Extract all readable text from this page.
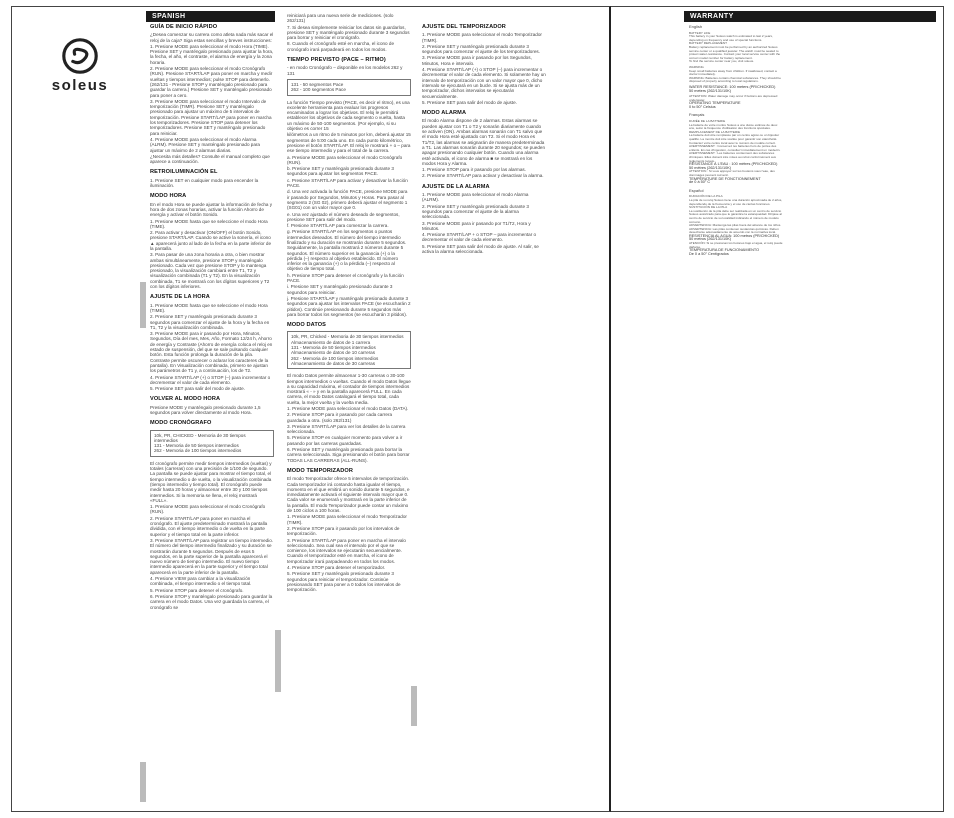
soleus
SPANISH	WARRANTY
GUÍA DE INICIO RÁPIDO

¿Desea comenzar su carrera como atleta nada más sacar el reloj de la caja? Siga estas sencillas y breves instrucciones:

1. Presione MODE para seleccionar el modo Hora (TIME). Presione SET y manténgalo presionado para ajustar la hora, la fecha, el año, el contraste, el alarma de energía y la zona horaria.

2. Presione MODE para seleccionar el modo Cronógrafo (RUN). Presione START/LAP para poner en marcha y medir vueltas y tiempos intermedios; pulse STOP para detenerlo. (262/131 - Presione STOP y manténgalo presionado para guardar la carrera.) Presione SET y manténgalo presionado para poner a cero.

3. Presione MODE para seleccionar el modo Intervalo de temporización (TIMR). Presione SET y manténgalo presionado para ajustar un máximo de 5 intervalos de temporización. Presione START/LAP para poner en marcha los temporizadores. Presione STOP para detener los temporizadores. Presione SET y manténgalo presionado para reiniciar.

4. Presione MODE para seleccionar el modo Alarma (ALRM). Presione SET y manténgalo presionado para ajustar un máximo de 2 alarmas diarias.

¿Necesita más detalles? Consulte el manual completo que aparece a continuación.

RETROILUMINACIÓN EL

1. Presione SET en cualquier modo para encender la iluminación.

MODO HORA

En el modo Hora se puede ajustar la información de fecha y hora de dos zonas horarias, activar la función Ahorro de energía y activar el botón Sonido.

1. Presione MODE hasta que se seleccione el modo Hora (TIME).

2. Para activar y desactivar (ON/OFF) el botón Sonido, presione START/LAP. Cuando se active la sonería, el icono ▲ aparecerá junto al lado de la fecha en la parte inferior de la pantalla.

3. Para pasar de una zona horaria a otra, o bien mostrar ambas simultáneamente, presione STOP y manténgalo presionado. Cada vez que presione STOP y lo mantenga presionado, la visualización cambiará entre T1, T2 y visualización combinada (T1 y T2). En la visualización combinada, T1 se mostrará con los dígitos superiores y T2 con los dígitos inferiores.

AJUSTE DE LA HORA

1. Presione MODE hasta que se seleccione el modo Hora (TIME).

2. Presione SET y manténgalo presionado durante 3 segundos para comenzar el ajuste de la hora y la fecha en T1, T2 y la visualización combinada.

3. Presione MODE para ir pasando por Hora, Minutos, Segundos, Día del mes, Mes, Año, Formato 12/24 h, Ahorro de energía y Contraste (Ahorro de energía coloca el reloj en estado de suspensión, del que se sale pulsando cualquier botón. Esta función prolonga la duración de la pila. Contraste permite oscurecer o aclarar los caracteres de la pantalla). En Visualización combinada, primero se ajustan los parámetros de T1 y, a continuación, los de T2.

4. Presione START/LAP (+) o STOP (–) para incrementar o decrementar el valor de cada elemento.

5. Presione SET para salir del modo de ajuste.

VOLVER AL MODO HORA

Presione MODE y manténgalo presionado durante 1,5 segundos para volver directamente al modo Hora.

MODO CRONÓGRAFO
10k, PR, CHICKED - Memoria de 30 tiempos intermedios
131 - Memoria de 50 tiempos intermedios
262 - Memoria de 100 tiempos intermedios

El cronógrafo permite medir tiempos intermedios (vueltas) y totales (carreras) con una precisión de 1/100 de segundo. La pantalla se puede ajustar para mostrar el tiempo total, el tiempo intermedio o de vuelta, o la visualización combinada (tiempo intermedio y tiempo total). El cronógrafo puede medir hasta 20 horas y almacenar entre 30 y 100 tiempos intermedios. Si la memoria se llena, el reloj mostrará «FULL».

1. Presione MODE para seleccionar el modo Cronógrafo (RUN).

2. Presione START/LAP para poner en marcha el cronógrafo. El ajuste predeterminado mostrará la pantalla dividida, con el tiempo intermedio o de vuelta en la parte superior y el tiempo total en la parte inferior.

3. Presione START/LAP para registrar un tiempo intermedio. El número del tiempo intermedio finalizado y su duración se mostrarán durante 5 segundos. Después de esos 5 segundos, en la parte superior de la pantalla aparecerá el nuevo número de tiempo intermedio. El nuevo tiempo intermedio aparecerá en la parte superior y el tiempo total aparecerá en la parte inferior de la pantalla.

4. Presione VIEW para cambiar a la visualización combinada, el tiempo intermedio o el tiempo total.

5. Presione STOP para detener el cronógrafo.

6. Presione STOP y manténgalo presionado para guardar la carrera en el modo Datos. Una vez guardada la carrera, el cronógrafo se

reiniciará para una nueva serie de mediciones. (solo 262/131)

7. Si desea simplemente reiniciar los datos sin guardarlos, presione SET y manténgalo presionado durante 3 segundos para borrar y reiniciar el cronógrafo.

8. Cuando el cronógrafo esté en marcha, el icono de cronógrafo irará parpadeará en todos los modos.

TIEMPO PREVISTO (PACE – RITMO)

- en modo Cronógrafo – disponible en los modelos 262 y 131

131 - 50 segmentos Pace
262 - 100 segmentos Pace

La función Tiempo previsto (PACE, es decir el ritmo), es una excelente herramienta para evaluar los progresos encaminados a lograr los objetivos. El reloj le permitirá establecer los objetivos de cada segmento o vuelta, hasta un máximo de 50-100 segmentos. (Por ejemplo, si su objetivo es correr 15

kilómetros a un ritmo de 5 minutos por km, deberá ajustar 15 segmentos de 5:00 cada uno. En cada punto kilométrico, presione el botón START/LAP. El reloj le mostrará + o – para ese tiempo intermedio y para el total de la carrera.

a. Presione MODE para seleccionar el modo Cronógrafo (RUN).

b. Presione SET y manténgalo presionado durante 3 segundos para ajustar los segmentos PACE.

c. Presione START/LAP para activar y desactivar la función PACE.

d. Una vez activada la función PACE, presione MODE para ir pasando por Segundos, Minutos y Horas. Para pasar al segmento 2 (SG 02), primero deberá ajustar el segmento 1 (SG01) con un valor mayor que 0.

e. Una vez ajustado el número deseado de segmentos, presione SET para salir del modo.

f. Presione START/LAP para comenzar la carrera.

g. Presione START/LAP en los segmentos o puntos intermedios deseados. El número del tiempo intermedio finalizado y su duración se mostrarán durante 5 segundos. Seguidamente, la pantalla mostrará 2 números durante 5 segundos. El número superior es la ganancia (+) o la pérdida (–) respecto al objetivo establecido. El número inferior es la ganancia (+) o la pérdida (–) respecto al objetivo de tiempo total.

h. Presione STOP para detener el cronógrafo y la función PACE.

i. Presione SET y manténgalo presionado durante 3 segundos para reiniciar.

j. Presione START/LAP y manténgalo presionado durante 3 segundos para ajustar los intervalos PACE (se escucharán 2 pitidos). Continúe presionando durante 5 segundos más para borrar todos los segmentos (se escucharán 3 pitidos).

MODO DATOS
10k, PR, Chicked - Memoria de 30 tiempos intermedios
Almacenamiento de datos de 1 carrera
131 - Memoria de 50 tiempos intermedios
Almacenamiento de datos de 10 carreras
262 - Memoria de 100 tiempos intermedios
Almacenamiento de datos de 30 carreras

El modo Datos permite almacenar 1-30 carreras o 30-100 tiempos intermedios o vueltas. Cuando el modo Datos llegue a su capacidad máxima, el contador de tiempos intermedios mostrará « - » y en la pantalla aparecerá FULL. En cada carrera, el modo Datos catalogará el tiempo total, cada vuelta, la mejor vuelta y la vuelta media.

1. Presione MODE para seleccionar el modo Datos (DATA).

2. Presione STOP para ir pasando por cada carrera guardada a otra. (solo 262/131)

3. Presione START/LAP para ver los detalles de la carrera seleccionada.

5. Presione STOP en cualquier momento para volver a ir pasando por las carreras guardadas.

6. Presione SET y manténgalo presionado para borrar la carrera seleccionada. Siga presionando el botón para borrar TODAS LAS CARRERAS (ALL-RUNS).

MODO TEMPORIZADOR

El modo Temporizador ofrece 5 intervalos de temporización. Cada temporizador irá contando hasta igualar el tiempo, momento en el que emitirá un sonido durante 5 segundos, e inmediatamente activará el siguiente intervalo mayor que 0. Cada valor se enumerará y mostrará en la parte inferior de la pantalla. El modo Temporizador puede contar un máximo de 100 ciclos a 100 horas.

1. Presione MODE para seleccionar el modo Temporizador (TIMR).

2. Presione STOP para ir pasando por los intervalos de temporización.

3. Presione START/LAP para poner en marcha el intervalo seleccionado. Sea cual sea el intervalo por el que se comience, los intervalos se ejecutarán secuencialmente. Cuando el temporizador esté en marcha, el icono de temporizador irará parpadeando en todos los modos.

4. Presione STOP para detener el temporizador.

5. Presione SET y manténgalo presionado durante 3 segundos para reiniciar el temporizador. Continúe presionando SET para poner a 0 todos los intervalos de temporización.

AJUSTE DEL TEMPORIZADOR

1. Presione MODE para seleccionar el modo Temporizador (TIMR).

2. Presione SET y manténgalo presionado durante 3 segundos para comenzar el ajuste de los temporizadores.

3. Presione MODE para ir pasando por los Segundos, Minutos, Hora e intervalo.

4. Presione START/LAP (+) o STOP (–) para incrementar o decrementar el valor de cada elemento. Si solamente hay un intervalo de temporización con un valor mayor que 0, dicho intervalo se ejecutará en un bucle. Si se ajusta más de un temporizador, dichos intervalos se ejecutarán secuencialmente.

5. Presione SET para salir del modo de ajuste.

MODO ALARMA

El modo Alarma dispone de 2 alarmas. Estas alarmas se pueden ajustar con T1 o T2 y sonarán diariamente cuando se activen (ON). Ambas alarmas sonarán con T1 salvo que el modo Hora esté ajustado con T2. Si el modo Hora es T1/T2, las alarmas se asignarán de manera predeterminada a T1. Las alarmas sonarán durante 20 segundos; se pueden apagar presionando cualquier botón. Cuando una alarma esté activada, el icono de alarma ■ se mostrará en los modos Hora y Alarma.

1. Presione STOP para ir pasando por las alarmas.

2. Presione START/LAP para activar y desactivar la alarma.

AJUSTE DE LA ALARMA

1. Presione MODE para seleccionar el modo Alarma (ALRM).

2. Presione SET y manténgalo presionado durante 3 segundos para comenzar el ajuste de la alarma seleccionada.

3. Presione MODE para ir pasando por T1/T2, Hora y Minutos.

4. Presione START/LAP + o STOP – para incrementar o decrementar el valor de cada elemento.

5. Presione SET para salir del modo de ajuste. Al salir, se activa la alarma seleccionada.

English
BATTERY LIFE
This battery in your Soleus watch is estimated to last 2 years, depending on frequency and use of special functions.
BATTERY REPLACEMENT
Battery replacement must be performed by an authorized Soleus service center or a qualified jeweler. The watch must be sealed to protect water-resistance. Contact your local service center with the correct model number for battery replacement.
To find the service center near you, visit soleus.
WARNING
Keep small batteries away from children. If swallowed, contact a doctor immediately.
WARNING: Batteries contain chemical substances. They should be disposed of properly according to local regulations.
WATER RESISTANCE: 100 meters (PR/CHICKED)
50 meters (262/131/10K)
ATTENTION: Water damage may occur if buttons are depressed underwater.
OPERATING TEMPERATURE
0 to 50° Celsius
Français
DURÉE DE LA BATTERIE
La batterie de votre montre Soleus a une durée estimée de deux ans, selon la fréquence d'utilisation des fonctions spéciales.
REMPLACEMENT DE LA BATTERIE
La batterie doit être remplacée par un centre agréé ou un bijoutier qualifié. La montre doit être scellée pour garantir son étanchéité. Contactez votre centre local avec le numéro de modèle correct.
AVERTISSEMENT : Conservez les batteries hors de portée des enfants. En cas d'ingestion, consultez immédiatement un médecin.
AVERTISSEMENT : Les batteries contiennent des substances chimiques. Elles doivent être mises au rebut conformément aux règlements locaux.
RÉSISTANCE À L'EAU : 100 mètres (PR/CHICKED)
50 mètres (262/131/10K)
ATTENTION : Si vous appuyez sur les boutons sous l'eau, des dommages peuvent survenir.
TEMPÉRATURE DE FONCTIONNEMENT
de 0 à 50° C
Español
DURACIÓN DE LA PILA
La pila de su reloj Soleus tiene una duración aproximada de 2 años, dependiendo de la frecuencia y el uso de ciertas funciones.
SUSTITUCIÓN DE LA PILA
La sustitución de la pila debe ser realizada en un centro de servicio Soleus autorizado para que le garantice la estanqueidad. Diríjase al centro de servicio de su localidad indicando el número de modelo correcto.
ADVERTENCIA: Mantenga las pilas fuera del alcance de los niños.
ADVERTENCIA: Las pilas contienen sustancias químicas. Deben desecharse adecuadamente de acuerdo con la normativa local.
RESISTENCIA AL AGUA: 100 metros (PR/CHICKED)
50 metros (262/131/10K)
ATENCIÓN: Si se presionan los botones bajo el agua, el reloj puede dañarse.
TEMPERATURA DE FUNCIONAMIENTO
De 0 a 50° Centígrados
